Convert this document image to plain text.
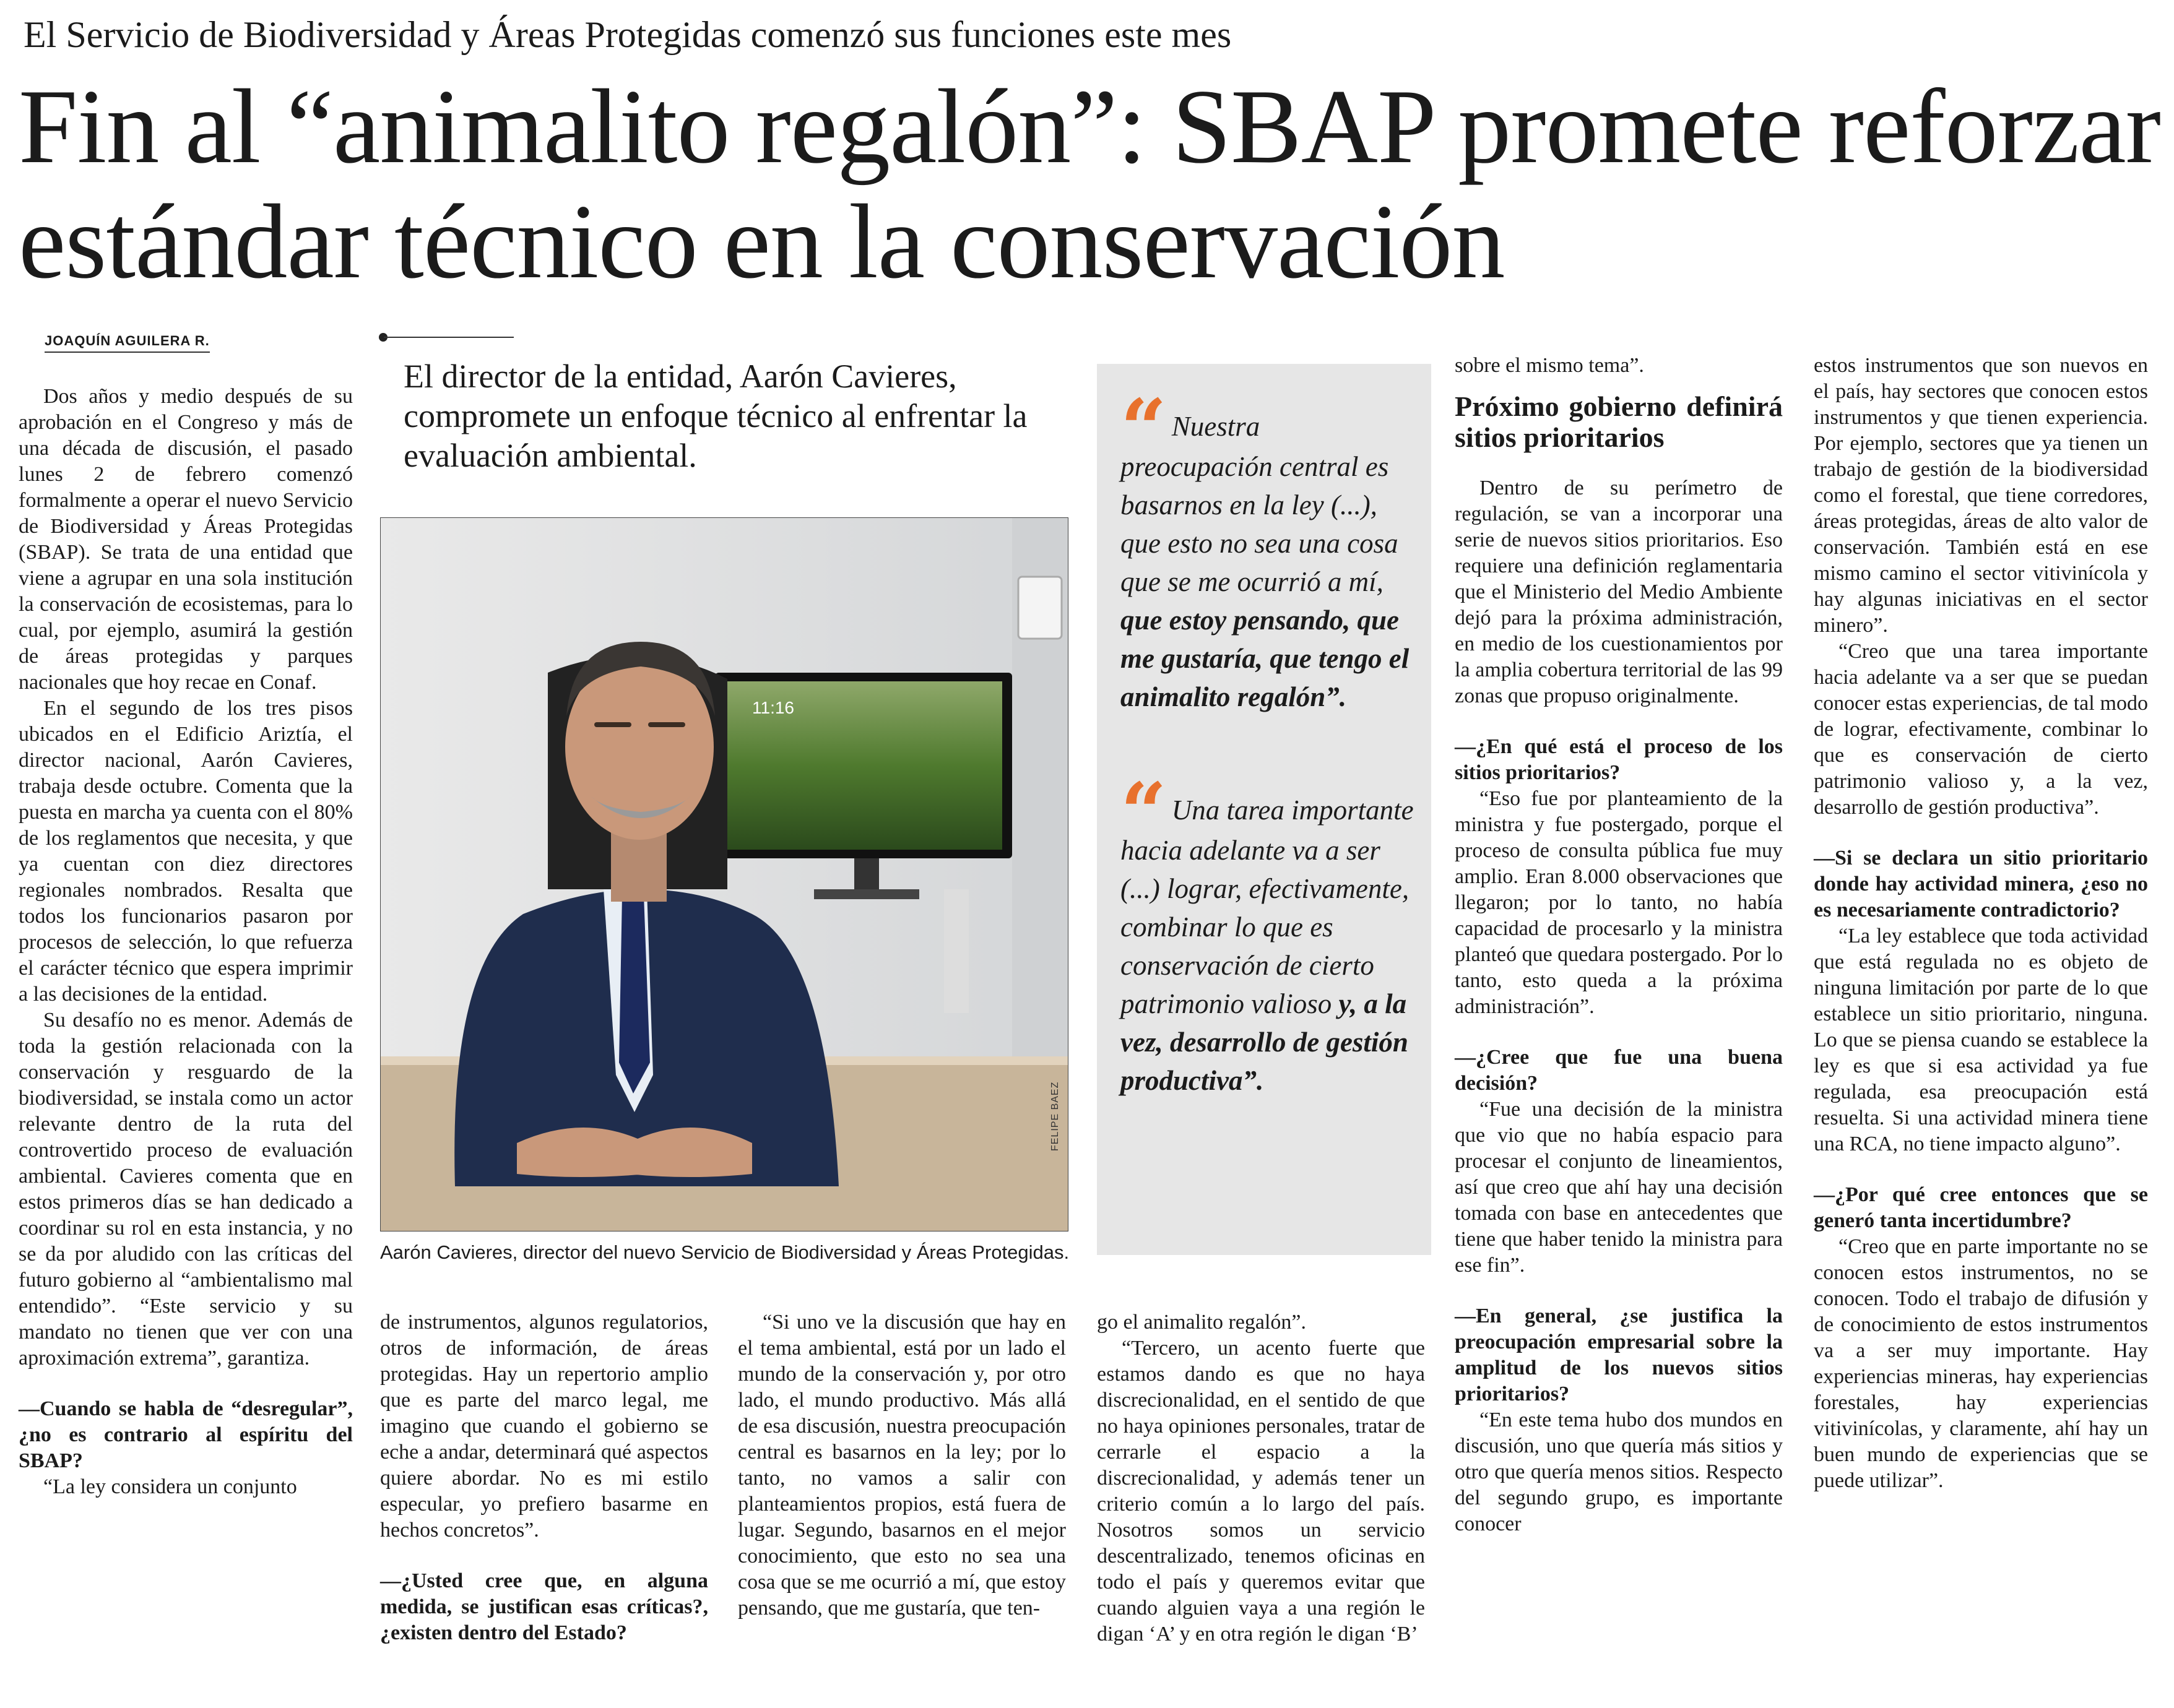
El Servicio de Biodiversidad y Áreas Protegidas comenzó sus funciones este mes
Fin al “animalito regalón”: SBAP promete reforzar estándar técnico en la conservación
JOAQUÍN AGUILERA R.
El director de la entidad, Aarón Cavieres, compromete un enfoque técnico al enfrentar la evaluación ambiental.

Dos años y medio después de su aprobación en el Congreso y más de una década de discusión, el pasado lunes 2 de febrero comenzó formalmente a operar el nuevo Servicio de Biodiversidad y Áreas Protegidas (SBAP). Se trata de una entidad que viene a agrupar en una sola institución la conservación de ecosistemas, para lo cual, por ejemplo, asumirá la gestión de áreas protegidas y parques nacionales que hoy recae en Conaf.

En el segundo de los tres pisos ubicados en el Edificio Ariztía, el director nacional, Aarón Cavieres, trabaja desde octubre. Comenta que la puesta en marcha ya cuenta con el 80% de los reglamentos que necesita, y que ya cuentan con diez directores regionales nombrados. Resalta que todos los funcionarios pasaron por procesos de selección, lo que refuerza el carácter técnico que espera imprimir a las decisiones de la entidad.

Su desafío no es menor. Además de toda la gestión relacionada con la conservación y resguardo de la biodiversidad, se instala como un actor relevante dentro de la ruta del controvertido proceso de evaluación ambiental. Cavieres comenta que en estos primeros días se han dedicado a coordinar su rol en esta instancia, y no se da por aludido con las críticas del futuro gobierno al “ambientalismo mal entendido”. “Este servicio y su mandato no tienen que ver con una aproximación extrema”, garantiza.

—Cuando se habla de “desregular”, ¿no es contrario al espíritu del SBAP?

“La ley considera un conjunto

11:16
FELIPE BAEZ
Aarón Cavieres, director del nuevo Servicio de Biodiversidad y Áreas Protegidas.
“ Nuestra preocupación central es basarnos en la ley (...), que esto no sea una cosa que se me ocurrió a mí, que estoy pensando, que me gustaría, que tengo el animalito regalón”.
“ Una tarea importante hacia adelante va a ser (...) lograr, efectivamente, combinar lo que es conservación de cierto patrimonio valioso y, a la vez, desarrollo de gestión productiva”.

de instrumentos, algunos regulatorios, otros de información, de áreas protegidas. Hay un repertorio amplio que es parte del marco legal, me imagino que cuando el gobierno se eche a andar, determinará qué aspectos quiere abordar. No es mi estilo especular, yo prefiero basarme en hechos concretos”.

—¿Usted cree que, en alguna medida, se justifican esas críticas?, ¿existen dentro del Estado?

“Si uno ve la discusión que hay en el tema ambiental, está por un lado el mundo de la conservación y, por otro lado, el mundo productivo. Más allá de esa discusión, nuestra preocupación central es basarnos en la ley; por lo tanto, no vamos a salir con planteamientos propios, está fuera de lugar. Segundo, basarnos en el mejor conocimiento, que esto no sea una cosa que se me ocurrió a mí, que estoy pensando, que me gustaría, que ten-

go el animalito regalón”.

“Tercero, un acento fuerte que estamos dando es que no haya discrecionalidad, en el sentido de que no haya opiniones personales, tratar de cerrarle el espacio a la discrecionalidad, y además tener un criterio común a lo largo del país. Nosotros somos un servicio descentralizado, tenemos oficinas en todo el país y queremos evitar que cuando alguien vaya a una región le digan ‘A’ y en otra región le digan ‘B’

sobre el mismo tema”.

Próximo gobierno definirá sitios prioritarios

Dentro de su perímetro de regulación, se van a incorporar una serie de nuevos sitios prioritarios. Eso requiere una definición reglamentaria que el Ministerio del Medio Ambiente dejó para la próxima administración, en medio de los cuestionamientos por la amplia cobertura territorial de las 99 zonas que propuso originalmente.

—¿En qué está el proceso de los sitios prioritarios?

“Eso fue por planteamiento de la ministra y fue postergado, porque el proceso de consulta pública fue muy amplio. Eran 8.000 observaciones que llegaron; por lo tanto, no había capacidad de procesarlo y la ministra planteó que quedara postergado. Por lo tanto, esto queda a la próxima administración”.

—¿Cree que fue una buena decisión?

“Fue una decisión de la ministra que vio que no había espacio para procesar el conjunto de lineamientos, así que creo que ahí hay una decisión tomada con base en antecedentes que tiene que haber tenido la ministra para ese fin”.

—En general, ¿se justifica la preocupación empresarial sobre la amplitud de los nuevos sitios prioritarios?

“En este tema hubo dos mundos en discusión, uno que quería más sitios y otro que quería menos sitios. Respecto del segundo grupo, es importante conocer

estos instrumentos que son nuevos en el país, hay sectores que conocen estos instrumentos y que tienen experiencia. Por ejemplo, sectores que ya tienen un trabajo de gestión de la biodiversidad como el forestal, que tiene corredores, áreas protegidas, áreas de alto valor de conservación. También está en ese mismo camino el sector vitivinícola y hay algunas iniciativas en el sector minero”.

“Creo que una tarea importante hacia adelante va a ser que se puedan conocer estas experiencias, de tal modo de lograr, efectivamente, combinar lo que es conservación de cierto patrimonio valioso y, a la vez, desarrollo de gestión productiva”.

—Si se declara un sitio prioritario donde hay actividad minera, ¿eso no es necesariamente contradictorio?

“La ley establece que toda actividad que está regulada no es objeto de ninguna limitación por parte de lo que establece un sitio prioritario, ninguna. Lo que se piensa cuando se establece la ley es que si esa actividad ya fue regulada, esa preocupación está resuelta. Si una actividad minera tiene una RCA, no tiene impacto alguno”.

—¿Por qué cree entonces que se generó tanta incertidumbre?

“Creo que en parte importante no se conocen estos instrumentos, no se conocen. Todo el trabajo de difusión y de conocimiento de estos instrumentos va a ser muy importante. Hay experiencias mineras, hay experiencias forestales, hay experiencias vitivinícolas, y claramente, ahí hay un buen mundo de experiencias que se puede utilizar”.
